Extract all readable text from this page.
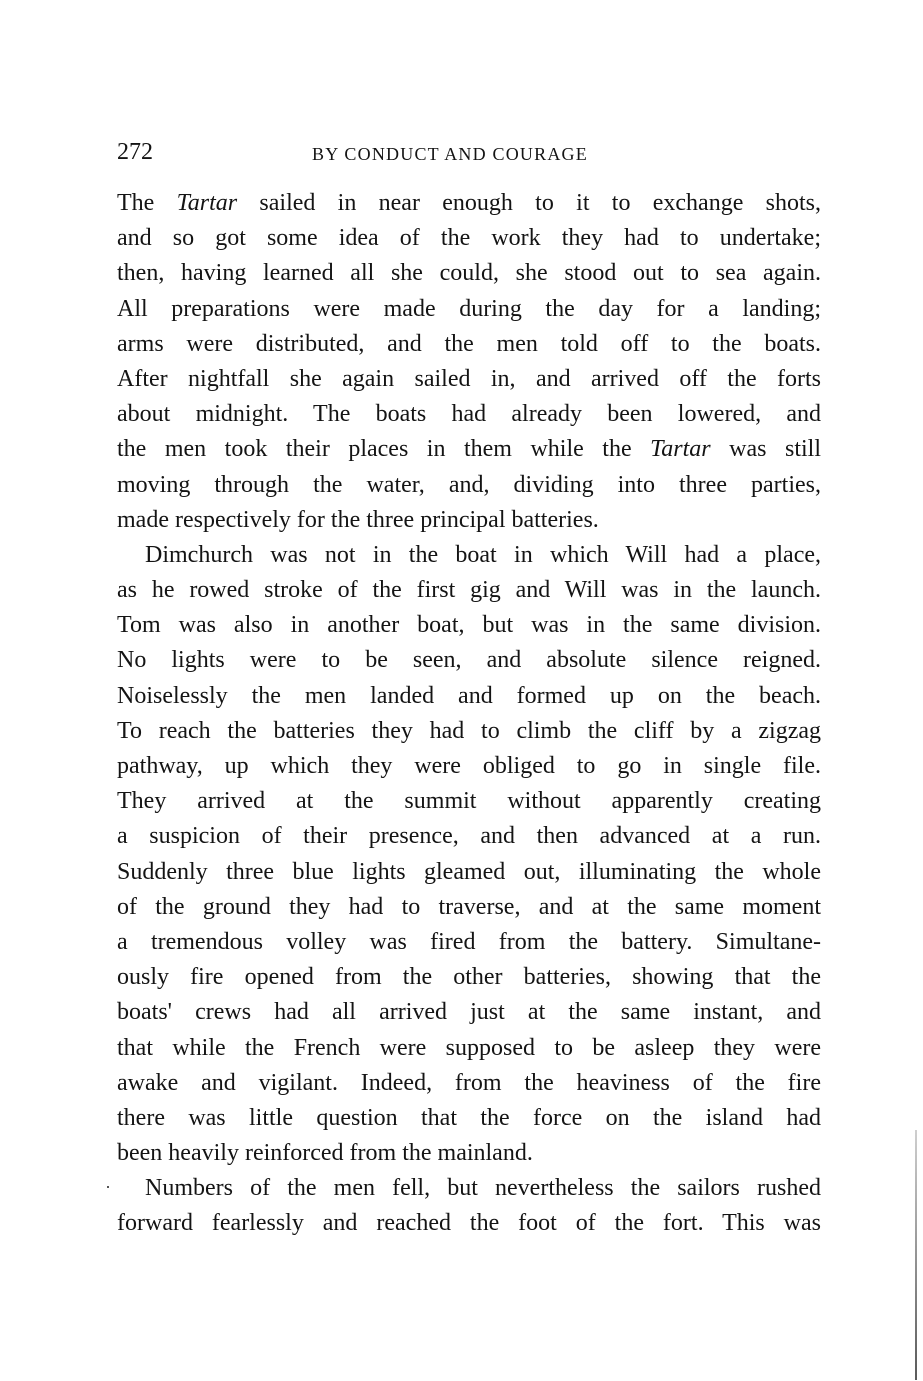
272	BY CONDUCT AND COURAGE
The Tartar sailed in near enough to it to exchange shots,
and so got some idea of the work they had to undertake;
then, having learned all she could, she stood out to sea again.
All preparations were made during the day for a landing;
arms were distributed, and the men told off to the boats.
After nightfall she again sailed in, and arrived off the forts
about midnight. The boats had already been lowered, and
the men took their places in them while the Tartar was still
moving through the water, and, dividing into three parties,
made respectively for the three principal batteries.
Dimchurch was not in the boat in which Will had a place,
as he rowed stroke of the first gig and Will was in the launch.
Tom was also in another boat, but was in the same division.
No lights were to be seen, and absolute silence reigned.
Noiselessly the men landed and formed up on the beach.
To reach the batteries they had to climb the cliff by a zigzag
pathway, up which they were obliged to go in single file.
They arrived at the summit without apparently creating
a suspicion of their presence, and then advanced at a run.
Suddenly three blue lights gleamed out, illuminating the whole
of the ground they had to traverse, and at the same moment
a tremendous volley was fired from the battery. Simultane-
ously fire opened from the other batteries, showing that the
boats' crews had all arrived just at the same instant, and
that while the French were supposed to be asleep they were
awake and vigilant. Indeed, from the heaviness of the fire
there was little question that the force on the island had
been heavily reinforced from the mainland.
Numbers of the men fell, but nevertheless the sailors rushed
forward fearlessly and reached the foot of the fort. This was
